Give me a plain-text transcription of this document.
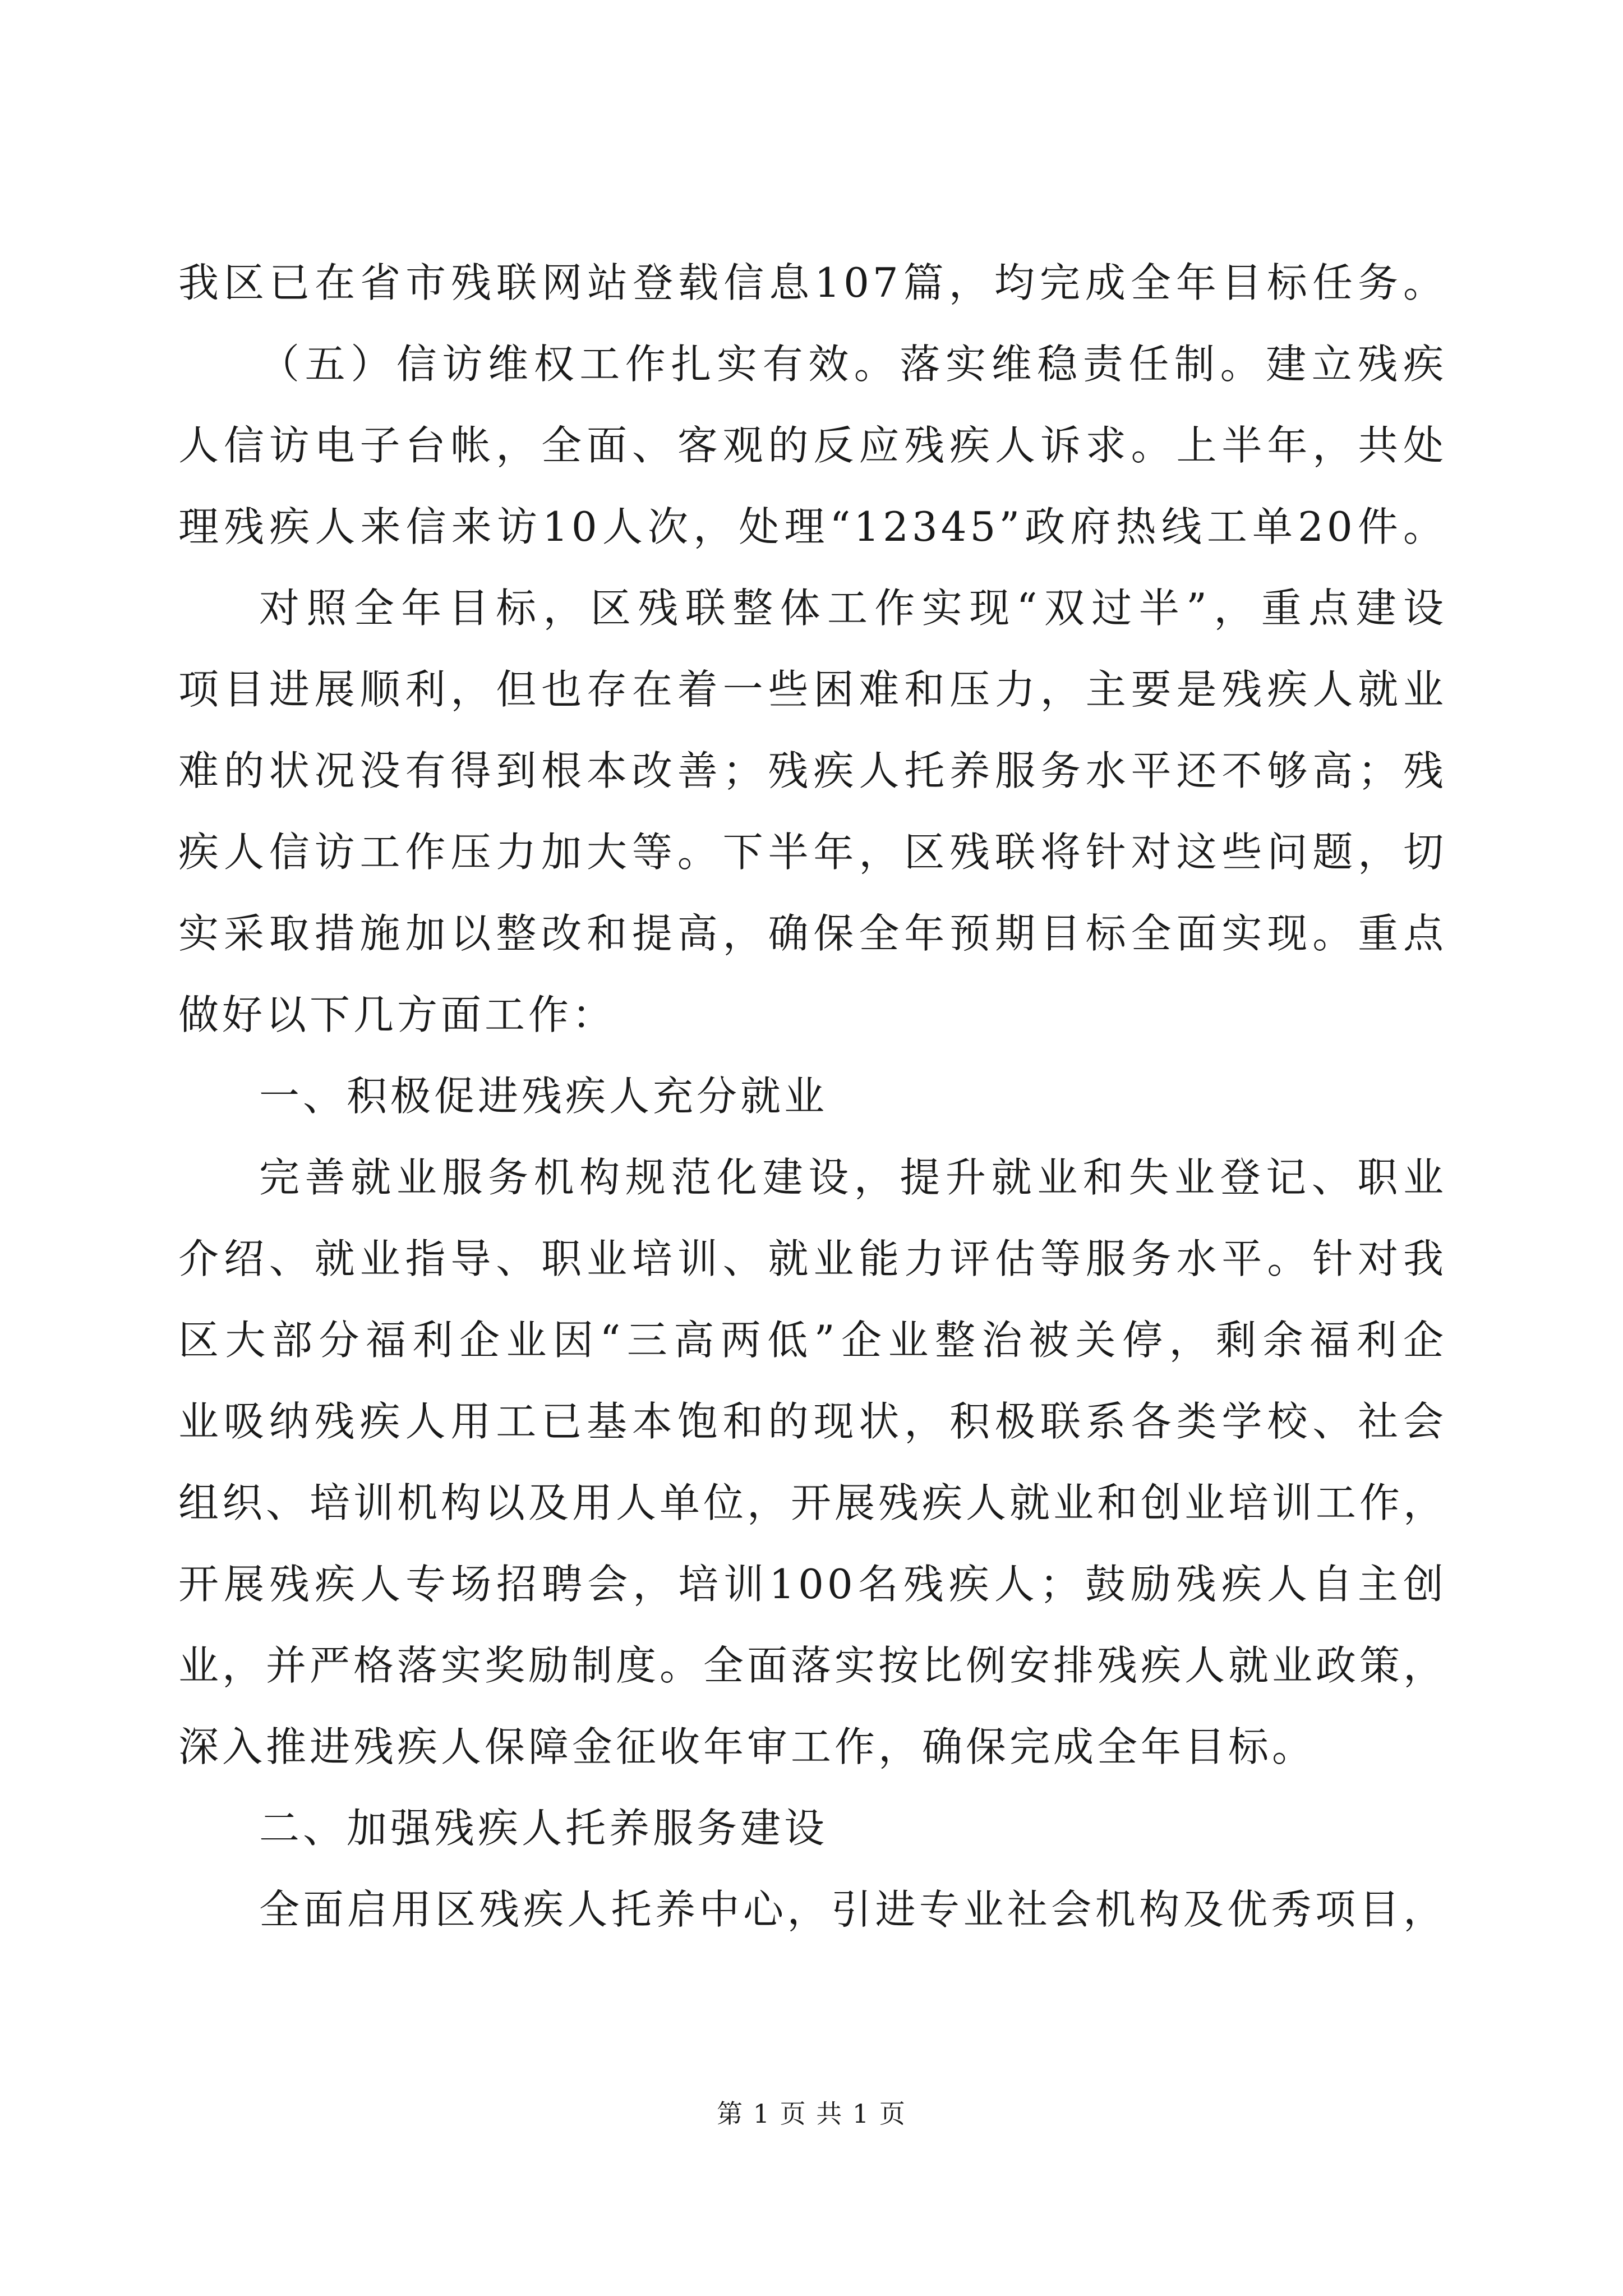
我区已在省市残联网站登载信息107篇，均完成全年目标任务。
（五）信访维权工作扎实有效。落实维稳责任制。建立残疾
人信访电子台帐，全面、客观的反应残疾人诉求。上半年，共处
理残疾人来信来访10人次，处理“12345”政府热线工单20件。
对照全年目标，区残联整体工作实现“双过半”，重点建设
项目进展顺利，但也存在着一些困难和压力，主要是残疾人就业
难的状况没有得到根本改善；残疾人托养服务水平还不够高；残
疾人信访工作压力加大等。下半年，区残联将针对这些问题，切
实采取措施加以整改和提高，确保全年预期目标全面实现。重点
做好以下几方面工作：
一、积极促进残疾人充分就业
完善就业服务机构规范化建设，提升就业和失业登记、职业
介绍、就业指导、职业培训、就业能力评估等服务水平。针对我
区大部分福利企业因“三高两低”企业整治被关停，剩余福利企
业吸纳残疾人用工已基本饱和的现状，积极联系各类学校、社会
组织、培训机构以及用人单位，开展残疾人就业和创业培训工作，
开展残疾人专场招聘会，培训100名残疾人；鼓励残疾人自主创
业，并严格落实奖励制度。全面落实按比例安排残疾人就业政策，
深入推进残疾人保障金征收年审工作，确保完成全年目标。
二、加强残疾人托养服务建设
全面启用区残疾人托养中心，引进专业社会机构及优秀项目，
第 1 页 共 1 页
